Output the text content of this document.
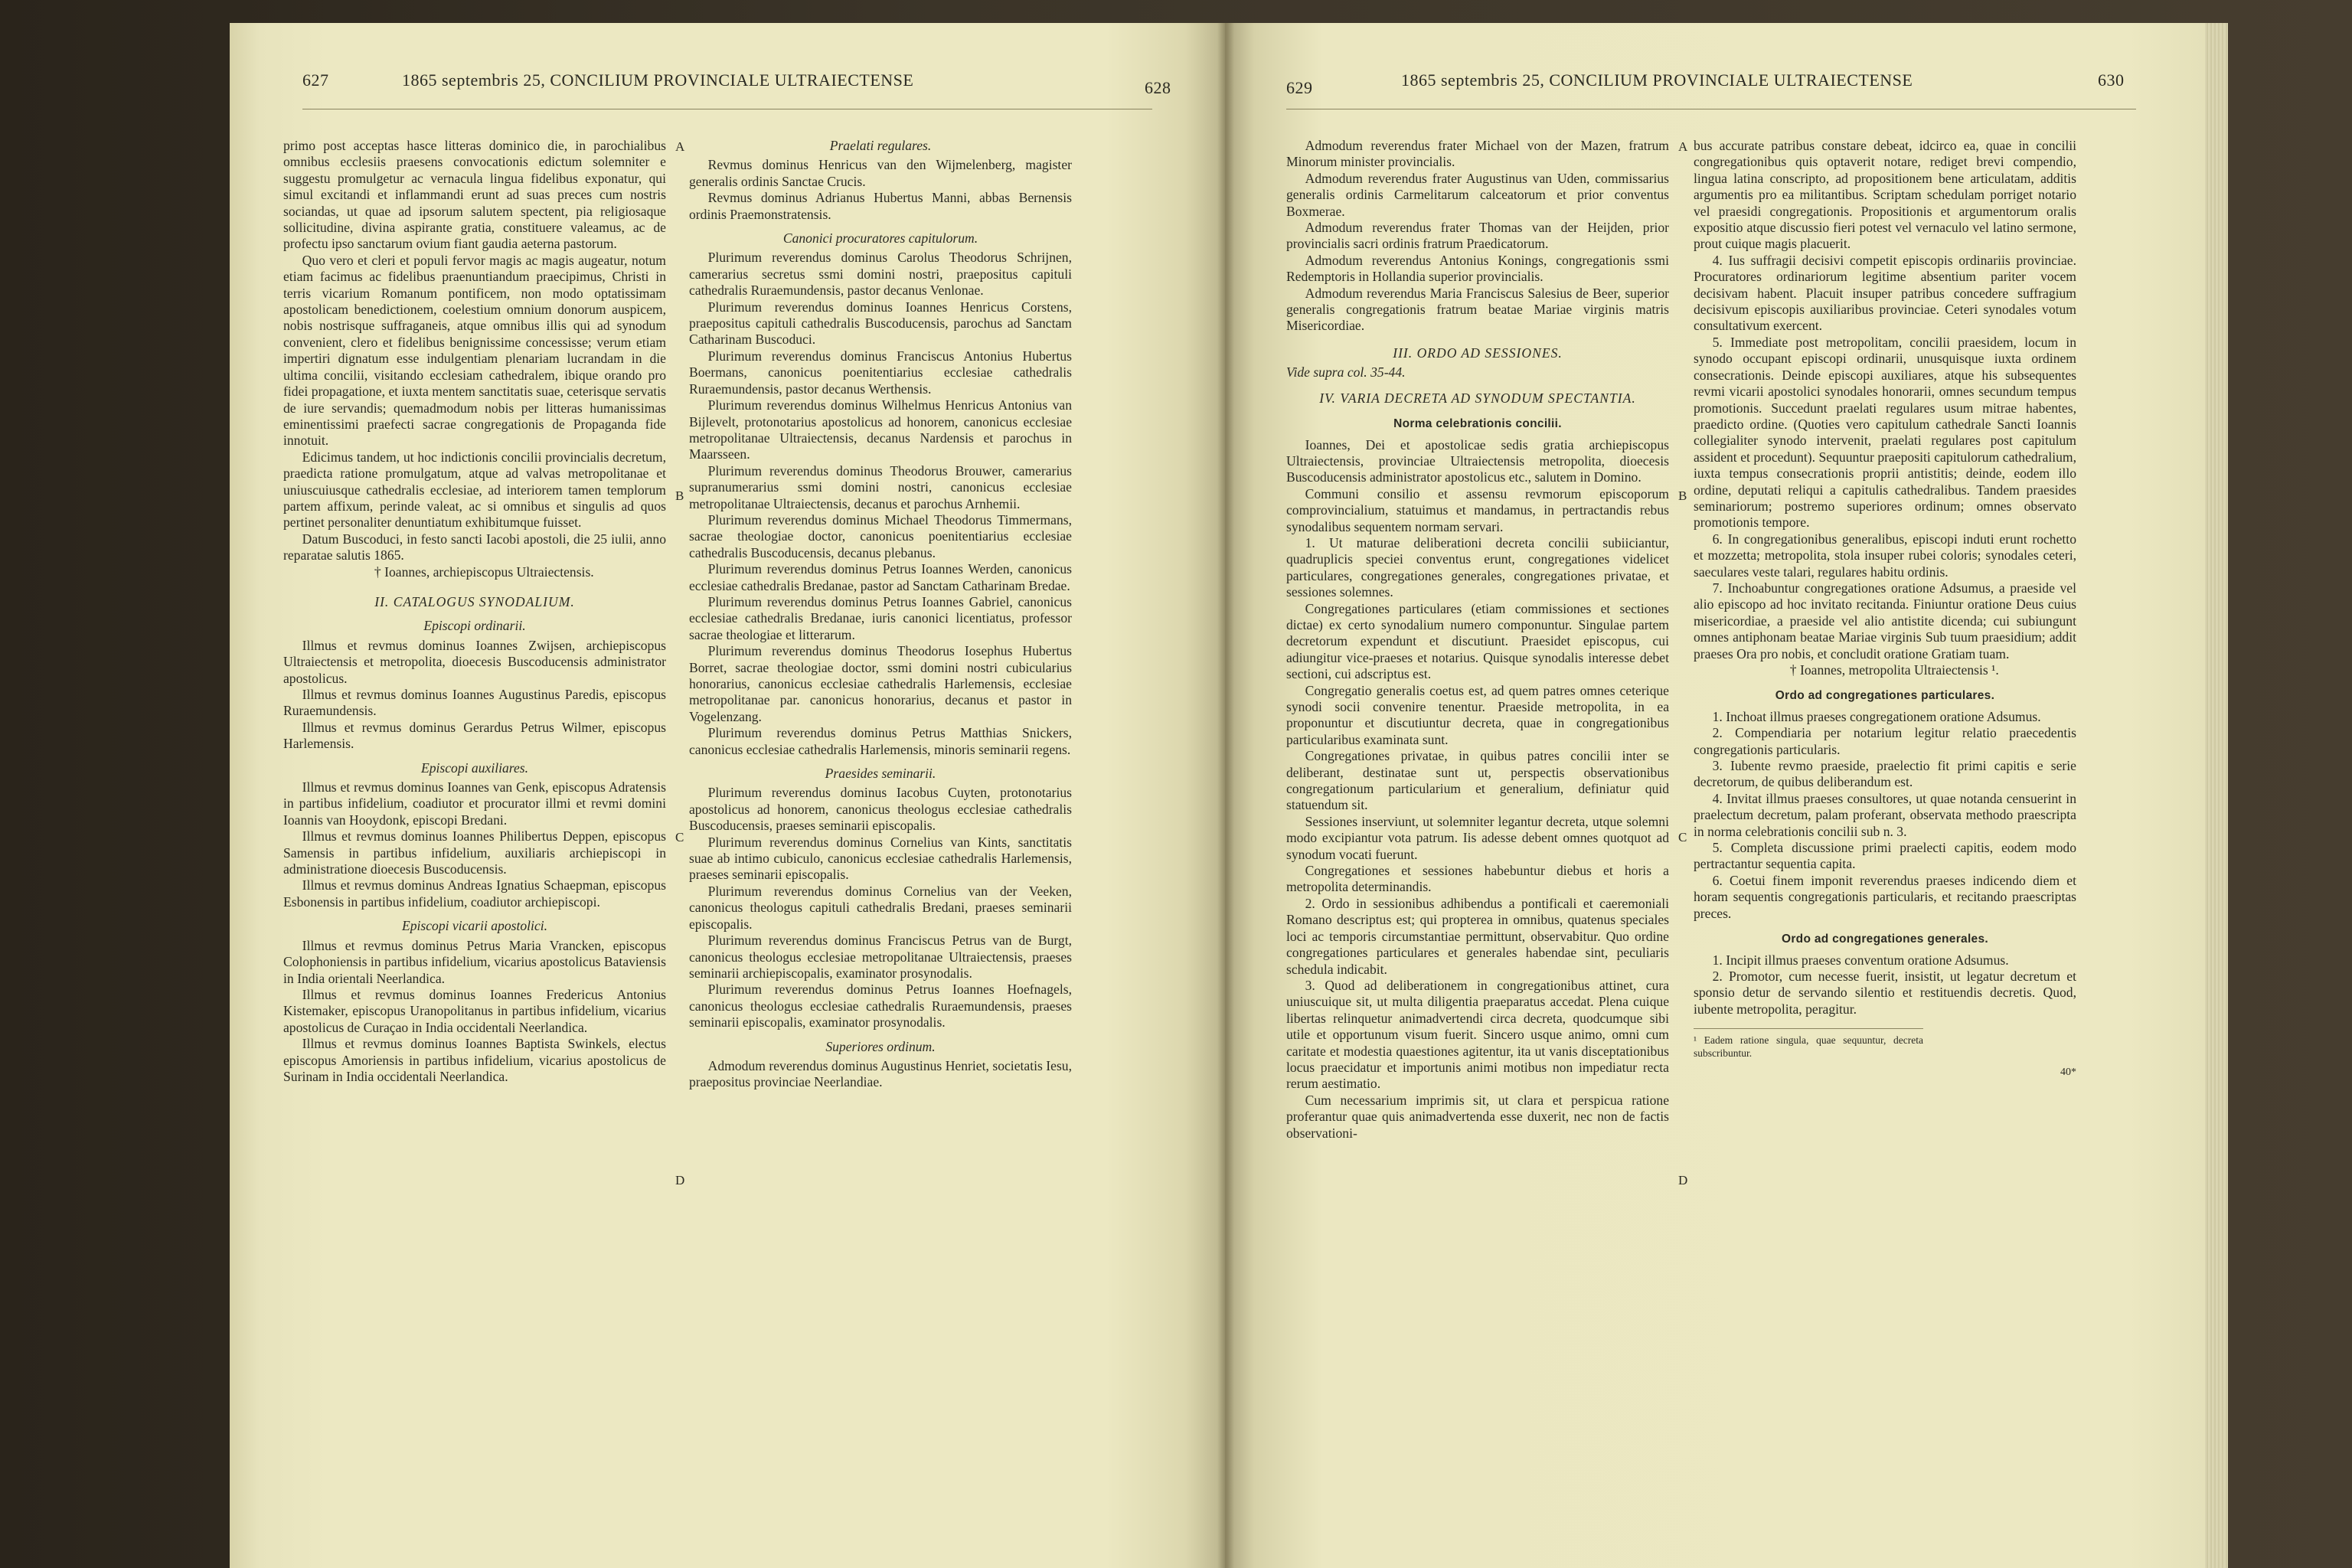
627	1865 septembris 25, CONCILIUM PROVINCIALE ULTRAIECTENSE	628

primo post acceptas hasce litteras dominico die, in parochialibus omnibus ecclesiis praesens convocationis edictum solemniter e suggestu promulgetur ac vernacula lingua fidelibus exponatur, qui simul excitandi et inflammandi erunt ad suas preces cum nostris sociandas, ut quae ad ipsorum salutem spectent, pia religiosaque sollicitudine, divina aspirante gratia, constituere valeamus, ac de profectu ipso sanctarum ovium fiant gaudia aeterna pastorum.

Quo vero et cleri et populi fervor magis ac magis augeatur, notum etiam facimus ac fidelibus praenuntiandum praecipimus, Christi in terris vicarium Romanum pontificem, non modo optatissimam apostolicam benedictionem, coelestium omnium donorum auspicem, nobis nostrisque suffraganeis, atque omnibus illis qui ad synodum convenient, clero et fidelibus benignissime concessisse; verum etiam impertiri dignatum esse indulgentiam plenariam lucrandam in die ultima concilii, visitando ecclesiam cathedralem, ibique orando pro fidei propagatione, et iuxta mentem sanctitatis suae, ceterisque servatis de iure servandis; quemadmodum nobis per litteras humanissimas eminentissimi praefecti sacrae congregationis de Propaganda fide innotuit.

Edicimus tandem, ut hoc indictionis concilii provincialis decretum, praedicta ratione promulgatum, atque ad valvas metropolitanae et uniuscuiusque cathedralis ecclesiae, ad interiorem tamen templorum partem affixum, perinde valeat, ac si omnibus et singulis ad quos pertinet personaliter denuntiatum exhibitumque fuisset.

Datum Buscoduci, in festo sancti Iacobi apostoli, die 25 iulii, anno reparatae salutis 1865.

† Ioannes, archiepiscopus Ultraiectensis.

II. CATALOGUS SYNODALIUM.
Episcopi ordinarii.

Illmus et revmus dominus Ioannes Zwijsen, archiepiscopus Ultraiectensis et metropolita, dioecesis Buscoducensis administrator apostolicus.

Illmus et revmus dominus Ioannes Augustinus Paredis, episcopus Ruraemundensis.

Illmus et revmus dominus Gerardus Petrus Wilmer, episcopus Harlemensis.

Episcopi auxiliares.

Illmus et revmus dominus Ioannes van Genk, episcopus Adratensis in partibus infidelium, coadiutor et procurator illmi et revmi domini Ioannis van Hooydonk, episcopi Bredani.

Illmus et revmus dominus Ioannes Philibertus Deppen, episcopus Samensis in partibus infidelium, auxiliaris archiepiscopi in administratione dioecesis Buscoducensis.

Illmus et revmus dominus Andreas Ignatius Schaepman, episcopus Esbonensis in partibus infidelium, coadiutor archiepiscopi.

Episcopi vicarii apostolici.

Illmus et revmus dominus Petrus Maria Vrancken, episcopus Colophoniensis in partibus infidelium, vicarius apostolicus Bataviensis in India orientali Neerlandica.

Illmus et revmus dominus Ioannes Fredericus Antonius Kistemaker, episcopus Uranopolitanus in partibus infidelium, vicarius apostolicus de Curaçao in India occidentali Neerlandica.

Illmus et revmus dominus Ioannes Baptista Swinkels, electus episcopus Amoriensis in partibus infidelium, vicarius apostolicus de Surinam in India occidentali Neerlandica.

A
B
C
D
Praelati regulares.

Revmus dominus Henricus van den Wijmelenberg, magister generalis ordinis Sanctae Crucis.

Revmus dominus Adrianus Hubertus Manni, abbas Bernensis ordinis Praemonstratensis.

Canonici procuratores capitulorum.

Plurimum reverendus dominus Carolus Theodorus Schrijnen, camerarius secretus ssmi domini nostri, praepositus capituli cathedralis Ruraemundensis, pastor decanus Venlonae.

Plurimum reverendus dominus Ioannes Henricus Corstens, praepositus capituli cathedralis Buscoducensis, parochus ad Sanctam Catharinam Buscoduci.

Plurimum reverendus dominus Franciscus Antonius Hubertus Boermans, canonicus poenitentiarius ecclesiae cathedralis Ruraemundensis, pastor decanus Werthensis.

Plurimum reverendus dominus Wilhelmus Henricus Antonius van Bijlevelt, protonotarius apostolicus ad honorem, canonicus ecclesiae metropolitanae Ultraiectensis, decanus Nardensis et parochus in Maarsseen.

Plurimum reverendus dominus Theodorus Brouwer, camerarius supranumerarius ssmi domini nostri, canonicus ecclesiae metropolitanae Ultraiectensis, decanus et parochus Arnhemii.

Plurimum reverendus dominus Michael Theodorus Timmermans, sacrae theologiae doctor, canonicus poenitentiarius ecclesiae cathedralis Buscoducensis, decanus plebanus.

Plurimum reverendus dominus Petrus Ioannes Werden, canonicus ecclesiae cathedralis Bredanae, pastor ad Sanctam Catharinam Bredae.

Plurimum reverendus dominus Petrus Ioannes Gabriel, canonicus ecclesiae cathedralis Bredanae, iuris canonici licentiatus, professor sacrae theologiae et litterarum.

Plurimum reverendus dominus Theodorus Iosephus Hubertus Borret, sacrae theologiae doctor, ssmi domini nostri cubicularius honorarius, canonicus ecclesiae cathedralis Harlemensis, ecclesiae metropolitanae par. canonicus honorarius, decanus et pastor in Vogelenzang.

Plurimum reverendus dominus Petrus Matthias Snickers, canonicus ecclesiae cathedralis Harlemensis, minoris seminarii regens.

Praesides seminarii.

Plurimum reverendus dominus Iacobus Cuyten, protonotarius apostolicus ad honorem, canonicus theologus ecclesiae cathedralis Buscoducensis, praeses seminarii episcopalis.

Plurimum reverendus dominus Cornelius van Kints, sanctitatis suae ab intimo cubiculo, canonicus ecclesiae cathedralis Harlemensis, praeses seminarii episcopalis.

Plurimum reverendus dominus Cornelius van der Veeken, canonicus theologus capituli cathedralis Bredani, praeses seminarii episcopalis.

Plurimum reverendus dominus Franciscus Petrus van de Burgt, canonicus theologus ecclesiae metropolitanae Ultraiectensis, praeses seminarii archiepiscopalis, examinator prosynodalis.

Plurimum reverendus dominus Petrus Ioannes Hoefnagels, canonicus theologus ecclesiae cathedralis Ruraemundensis, praeses seminarii episcopalis, examinator prosynodalis.

Superiores ordinum.

Admodum reverendus dominus Augustinus Henriet, societatis Iesu, praepositus provinciae Neerlandiae.

629	1865 septembris 25, CONCILIUM PROVINCIALE ULTRAIECTENSE	630

Admodum reverendus frater Michael von der Mazen, fratrum Minorum minister provincialis.

Admodum reverendus frater Augustinus van Uden, commissarius generalis ordinis Carmelitarum calceatorum et prior conventus Boxmerae.

Admodum reverendus frater Thomas van der Heijden, prior provincialis sacri ordinis fratrum Praedicatorum.

Admodum reverendus Antonius Konings, congregationis ssmi Redemptoris in Hollandia superior provincialis.

Admodum reverendus Maria Franciscus Salesius de Beer, superior generalis congregationis fratrum beatae Mariae virginis matris Misericordiae.

III. ORDO AD SESSIONES.

Vide supra col. 35-44.

IV. VARIA DECRETA AD SYNODUM SPECTANTIA.
Norma celebrationis concilii.

Ioannes, Dei et apostolicae sedis gratia archiepiscopus Ultraiectensis, provinciae Ultraiectensis metropolita, dioecesis Buscoducensis administrator apostolicus etc., salutem in Domino.

Communi consilio et assensu revmorum episcoporum comprovincialium, statuimus et mandamus, in pertractandis rebus synodalibus sequentem normam servari.

1. Ut maturae deliberationi decreta concilii subiiciantur, quadruplicis speciei conventus erunt, congregationes videlicet particulares, congregationes generales, congregationes privatae, et sessiones solemnes.

Congregationes particulares (etiam commissiones et sectiones dictae) ex certo synodalium numero componuntur. Singulae partem decretorum expendunt et discutiunt. Praesidet episcopus, cui adiungitur vice-praeses et notarius. Quisque synodalis interesse debet sectioni, cui adscriptus est.

Congregatio generalis coetus est, ad quem patres omnes ceterique synodi socii convenire tenentur. Praeside metropolita, in ea proponuntur et discutiuntur decreta, quae in congregationibus particularibus examinata sunt.

Congregationes privatae, in quibus patres concilii inter se deliberant, destinatae sunt ut, perspectis observationibus congregationum particularium et generalium, definiatur quid statuendum sit.

Sessiones inserviunt, ut solemniter legantur decreta, utque solemni modo excipiantur vota patrum. Iis adesse debent omnes quotquot ad synodum vocati fuerunt.

Congregationes et sessiones habebuntur diebus et horis a metropolita determinandis.

2. Ordo in sessionibus adhibendus a pontificali et caeremoniali Romano descriptus est; qui propterea in omnibus, quatenus speciales loci ac temporis circumstantiae permittunt, observabitur. Quo ordine congregationes particulares et generales habendae sint, peculiaris schedula indicabit.

3. Quod ad deliberationem in congregationibus attinet, cura uniuscuique sit, ut multa diligentia praeparatus accedat. Plena cuique libertas relinquetur animadvertendi circa decreta, quodcumque sibi utile et opportunum visum fuerit. Sincero usque animo, omni cum caritate et modestia quaestiones agitentur, ita ut vanis disceptationibus locus praecidatur et importunis animi motibus non impediatur recta rerum aestimatio.

Cum necessarium imprimis sit, ut clara et perspicua ratione proferantur quae quis animadvertenda esse duxerit, nec non de factis observationi-

A
B
C
D

bus accurate patribus constare debeat, idcirco ea, quae in concilii congregationibus quis optaverit notare, rediget brevi compendio, lingua latina conscripto, ad propositionem bene articulatam, additis argumentis pro ea militantibus. Scriptam schedulam porriget notario vel praesidi congregationis. Propositionis et argumentorum oralis expositio atque discussio fieri potest vel vernaculo vel latino sermone, prout cuique magis placuerit.

4. Ius suffragii decisivi competit episcopis ordinariis provinciae. Procuratores ordinariorum legitime absentium pariter vocem decisivam habent. Placuit insuper patribus concedere suffragium decisivum episcopis auxiliaribus provinciae. Ceteri synodales votum consultativum exercent.

5. Immediate post metropolitam, concilii praesidem, locum in synodo occupant episcopi ordinarii, unusquisque iuxta ordinem consecrationis. Deinde episcopi auxiliares, atque his subsequentes revmi vicarii apostolici synodales honorarii, omnes secundum tempus promotionis. Succedunt praelati regulares usum mitrae habentes, praedicto ordine. (Quoties vero capitulum cathedrale Sancti Ioannis collegialiter synodo intervenit, praelati regulares post capitulum assident et procedunt). Sequuntur praepositi capitulorum cathedralium, iuxta tempus consecrationis proprii antistitis; deinde, eodem illo ordine, deputati reliqui a capitulis cathedralibus. Tandem praesides seminariorum; postremo superiores ordinum; omnes observato promotionis tempore.

6. In congregationibus generalibus, episcopi induti erunt rochetto et mozzetta; metropolita, stola insuper rubei coloris; synodales ceteri, saeculares veste talari, regulares habitu ordinis.

7. Inchoabuntur congregationes oratione Adsumus, a praeside vel alio episcopo ad hoc invitato recitanda. Finiuntur oratione Deus cuius misericordiae, a praeside vel alio antistite dicenda; cui subiungunt omnes antiphonam beatae Mariae virginis Sub tuum praesidium; addit praeses Ora pro nobis, et concludit oratione Gratiam tuam.

† Ioannes, metropolita Ultraiectensis ¹.

Ordo ad congregationes particulares.

1. Inchoat illmus praeses congregationem oratione Adsumus.

2. Compendiaria per notarium legitur relatio praecedentis congregationis particularis.

3. Iubente revmo praeside, praelectio fit primi capitis e serie decretorum, de quibus deliberandum est.

4. Invitat illmus praeses consultores, ut quae notanda censuerint in praelectum decretum, palam proferant, observata methodo praescripta in norma celebrationis concilii sub n. 3.

5. Completa discussione primi praelecti capitis, eodem modo pertractantur sequentia capita.

6. Coetui finem imponit reverendus praeses indicendo diem et horam sequentis congregationis particularis, et recitando praescriptas preces.

Ordo ad congregationes generales.

1. Incipit illmus praeses conventum oratione Adsumus.

2. Promotor, cum necesse fuerit, insistit, ut legatur decretum et sponsio detur de servando silentio et restituendis decretis. Quod, iubente metropolita, peragitur.

¹ Eadem ratione singula, quae sequuntur, decreta subscribuntur.

40*
